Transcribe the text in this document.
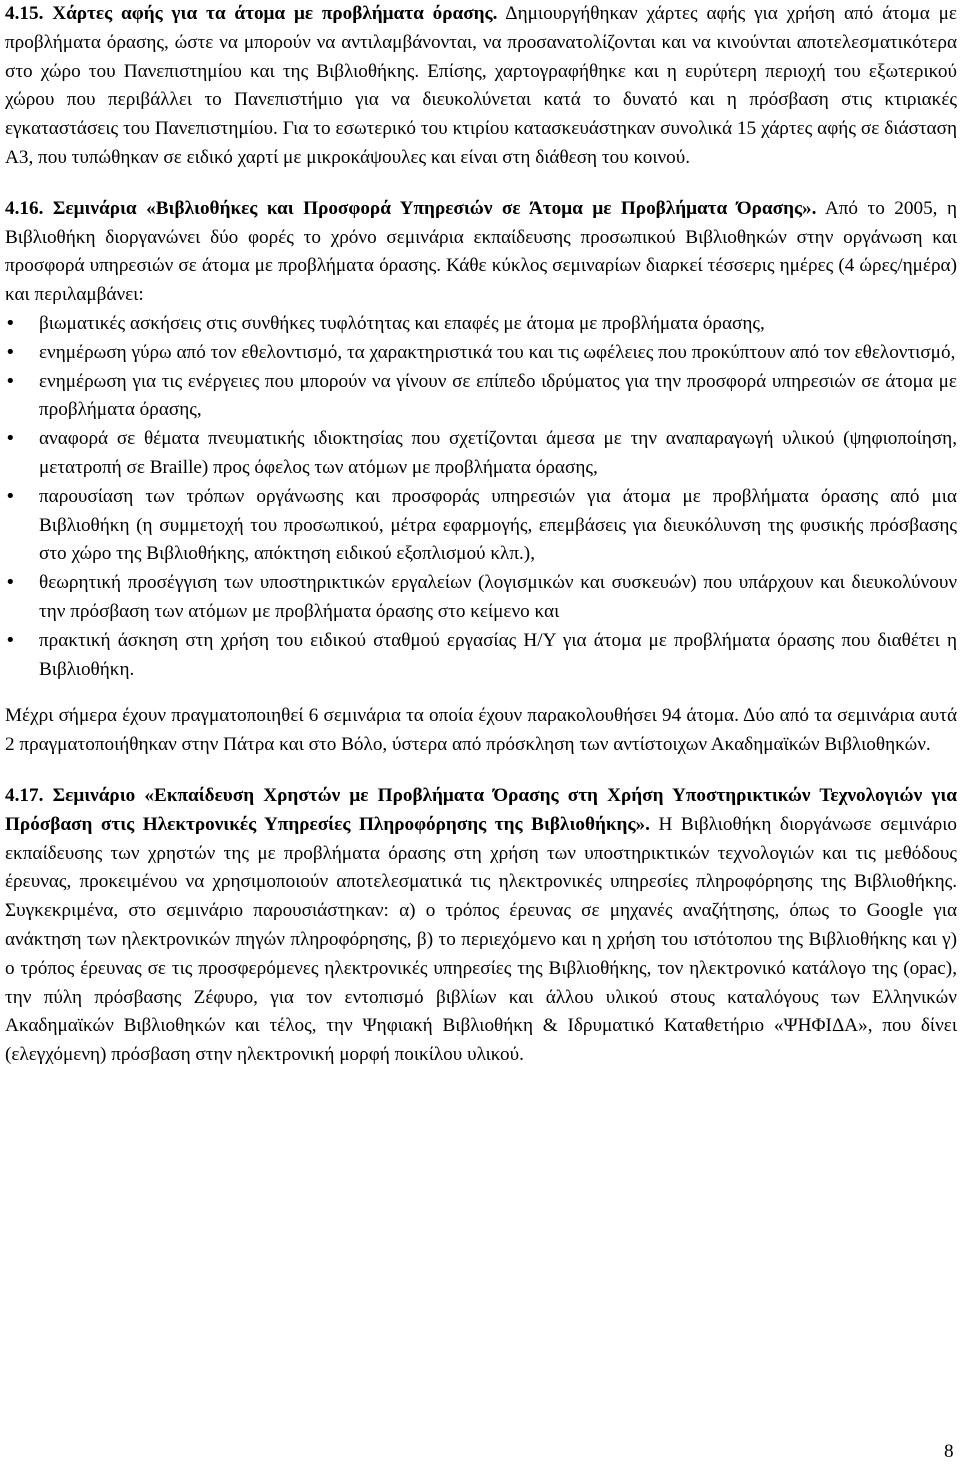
4.15. Χάρτες αφής για τα άτομα με προβλήματα όρασης. Δημιουργήθηκαν χάρτες αφής για χρήση από άτομα με προβλήματα όρασης, ώστε να μπορούν να αντιλαμβάνονται, να προσανατολίζονται και να κινούνται αποτελεσματικότερα στο χώρο του Πανεπιστημίου και της Βιβλιοθήκης. Επίσης, χαρτογραφήθηκε και η ευρύτερη περιοχή του εξωτερικού χώρου που περιβάλλει το Πανεπιστήμιο για να διευκολύνεται κατά το δυνατό και η πρόσβαση στις κτιριακές εγκαταστάσεις του Πανεπιστημίου. Για το εσωτερικό του κτιρίου κατασκευάστηκαν συνολικά 15 χάρτες αφής σε διάσταση Α3, που τυπώθηκαν σε ειδικό χαρτί με μικροκάψουλες και είναι στη διάθεση του κοινού.

4.16. Σεμινάρια «Βιβλιοθήκες και Προσφορά Υπηρεσιών σε Άτομα με Προβλήματα Όρασης». Από το 2005, η Βιβλιοθήκη διοργανώνει δύο φορές το χρόνο σεμινάρια εκπαίδευσης προσωπικού Βιβλιοθηκών στην οργάνωση και προσφορά υπηρεσιών σε άτομα με προβλήματα όρασης. Κάθε κύκλος σεμιναρίων διαρκεί τέσσερις ημέρες (4 ώρες/ημέρα) και περιλαμβάνει:

• βιωματικές ασκήσεις στις συνθήκες τυφλότητας και επαφές με άτομα με προβλήματα όρασης,
• ενημέρωση γύρω από τον εθελοντισμό, τα χαρακτηριστικά του και τις ωφέλειες που προκύπτουν από τον εθελοντισμό,
• ενημέρωση για τις ενέργειες που μπορούν να γίνουν σε επίπεδο ιδρύματος για την προσφορά υπηρεσιών σε άτομα με προβλήματα όρασης,
• αναφορά σε θέματα πνευματικής ιδιοκτησίας που σχετίζονται άμεσα με την αναπαραγωγή υλικού (ψηφιοποίηση, μετατροπή σε Braille) προς όφελος των ατόμων με προβλήματα όρασης,
• παρουσίαση των τρόπων οργάνωσης και προσφοράς υπηρεσιών για άτομα με προβλήματα όρασης από μια Βιβλιοθήκη (η συμμετοχή του προσωπικού, μέτρα εφαρμογής, επεμβάσεις για διευκόλυνση της φυσικής πρόσβασης στο χώρο της Βιβλιοθήκης, απόκτηση ειδικού εξοπλισμού κλπ.),
• θεωρητική προσέγγιση των υποστηρικτικών εργαλείων (λογισμικών και συσκευών) που υπάρχουν και διευκολύνουν την πρόσβαση των ατόμων με προβλήματα όρασης στο κείμενο και
• πρακτική άσκηση στη χρήση του ειδικού σταθμού εργασίας Η/Υ για άτομα με προβλήματα όρασης που διαθέτει η Βιβλιοθήκη.

Μέχρι σήμερα έχουν πραγματοποιηθεί 6 σεμινάρια τα οποία έχουν παρακολουθήσει 94 άτομα. Δύο από τα σεμινάρια αυτά 2 πραγματοποιήθηκαν στην Πάτρα και στο Βόλο, ύστερα από πρόσκληση των αντίστοιχων Ακαδημαϊκών Βιβλιοθηκών.

4.17. Σεμινάριο «Εκπαίδευση Χρηστών με Προβλήματα Όρασης στη Χρήση Υποστηρικτικών Τεχνολογιών για Πρόσβαση στις Ηλεκτρονικές Υπηρεσίες Πληροφόρησης της Βιβλιοθήκης». Η Βιβλιοθήκη διοργάνωσε σεμινάριο εκπαίδευσης των χρηστών της με προβλήματα όρασης στη χρήση των υποστηρικτικών τεχνολογιών και τις μεθόδους έρευνας, προκειμένου να χρησιμοποιούν αποτελεσματικά τις ηλεκτρονικές υπηρεσίες πληροφόρησης της Βιβλιοθήκης. Συγκεκριμένα, στο σεμινάριο παρουσιάστηκαν: α) ο τρόπος έρευνας σε μηχανές αναζήτησης, όπως το Google για ανάκτηση των ηλεκτρονικών πηγών πληροφόρησης, β) το περιεχόμενο και η χρήση του ιστότοπου της Βιβλιοθήκης και γ) ο τρόπος έρευνας σε τις προσφερόμενες ηλεκτρονικές υπηρεσίες της Βιβλιοθήκης, τον ηλεκτρονικό κατάλογο της (opac), την πύλη πρόσβασης Ζέφυρο, για τον εντοπισμό βιβλίων και άλλου υλικού στους καταλόγους των Ελληνικών Ακαδημαϊκών Βιβλιοθηκών και τέλος, την Ψηφιακή Βιβλιοθήκη & Ιδρυματικό Καταθετήριο «ΨΗΦΙΔΑ», που δίνει (ελεγχόμενη) πρόσβαση στην ηλεκτρονική μορφή ποικίλου υλικού.

8
